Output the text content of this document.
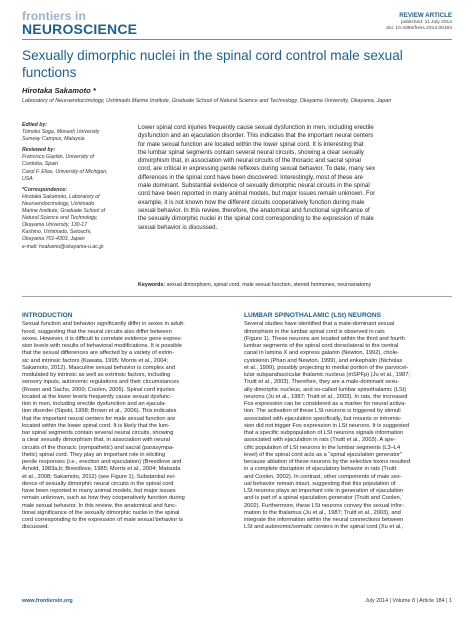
frontiers in
NEUROSCIENCE
REVIEW ARTICLE
published: 11 July 2014
doi: 10.3389/fnins.2014.00184
Sexually dimorphic nuclei in the spinal cord control male sexual functions
Hirotaka Sakamoto *
Laboratory of Neuroendocrinology, Ushimado Marine Institute, Graduate School of Natural Science and Technology, Okayama University, Okayama, Japan
Edited by:
Tomoko Soga, Monash University
Sunway Campus, Malaysia
Reviewed by:
Francisco Gaytán, University of
Cordoba, Spain
Carol F. Elias, University of Michigan,
USA
*Correspondence:
Hirotaka Sakamoto, Laboratory of
Neuroendocrinology, Ushimado
Marine Institute, Graduate School of
Natural Science and Technology,
Okayama University, 130-17
Kashino, Ushimado, Setouchi,
Okayama 701-4303, Japan
e-mail: hsakamo@okayama-u.ac.jp
Lower spinal cord injuries frequently cause sexual dysfunction in men, including erectile
dysfunction and an ejaculation disorder. This indicates that the important neural centers
for male sexual function are located within the lower spinal cord. It is interesting that
the lumbar spinal segments contain several neural circuits, showing a clear sexually
dimorphism that, in association with neural circuits of the thoracic and sacral spinal
cord, are critical in expressing penile reflexes during sexual behavior. To date, many sex
differences in the spinal cord have been discovered. Interestingly, most of these are
male dominant. Substantial evidence of sexually dimorphic neural circuits in the spinal
cord have been reported in many animal models, but major issues remain unknown. For
example, it is not known how the different circuits cooperatively function during male
sexual behavior. In this review, therefore, the anatomical and functional significance of
the sexually dimorphic nuclei in the spinal cord corresponding to the expression of male
sexual behavior is discussed.
Keywords: sexual dimorphism, spinal cord, male sexual function, steroid hormones, neuroanatomy
INTRODUCTION
Sexual function and behavior significantly differ in sexes in adult-
hood, suggesting that the neural circuits also differ between
sexes. However, it is difficult to correlate evidence gene expres-
sion levels with results of behavioral modifications. It is possible
that the sexual differences are affected by a variety of extrin-
sic and intrinsic factors (Kawata, 1995; Morris et al., 2004;
Sakamoto, 2012). Masculine sexual behavior is complex and
modulated by intrinsic as well as extrinsic factors, including
sensory inputs, autonomic regulations and their circumstances
(Rosen and Sachs, 2000; Coolen, 2005). Spinal cord injuries
located at the lower levels frequently cause sexual dysfunc-
tion in men, including erectile dysfunction and an ejacula-
tion disorder (Sipski, 1998; Brown et al., 2006). This indicates
that the important neural centers for male sexual function are
located within the lower spinal cord. It is likely that the lum-
bar spinal segments contain several neural circuits, showing
a clear sexually dimorphism that, in association with neural
circuits of the thoracic (sympathetic) and sacral (parasympa-
thetic) spinal cord. They play an important role in eliciting
penile responses (i.e., erection and ejaculation) (Breedlove and
Arnold, 1983a,b; Breedlove, 1985; Morris et al., 2004; Matsuda
et al., 2008; Sakamoto, 2012) (see Figure 1). Substantial evi-
dence of sexually dimorphic neural circuits in the spinal cord
have been reported in many animal models, but major issues
remain unknown, such as how they cooperatively function during
male sexual behavior. In this review, the anatomical and func-
tional significance of the sexually dimorphic nuclei in the spinal
cord corresponding to the expression of male sexual behavior is
discussed.
LUMBAR SPINOTHALAMIC (LSt) NEURONS
Several studies have identified that a male-dominant sexual
dimorphism in the lumbar spinal cord is observed in rats
(Figure 1). These neurons are located within the third and fourth
lumbar segments of the spinal cord dorsolateral to the central
canal in lamina X and express galanin (Newton, 1992), chole-
cystokinin (Phan and Newton, 1999), and enkephalin (Nicholas
et al., 1999), possibly projecting to medial portion of the parvocel-
lular subparafascicular thalamic nucleus (mSPFp) (Ju et al., 1987;
Truitt et al., 2003). Therefore, they are a male-dominant sexu-
ally dimorphic nucleus, and so-called lumbar spinothalamic (LSt)
neurons (Ju et al., 1987; Truitt et al., 2003). In rats, the increased
Fos expression can be considered as a marker for neural activa-
tion. The activation of these LSt neurons is triggered by stimuli
associated with ejaculation specifically, but mounts or intromis-
sion did not trigger Fos expression in LSt neurons. It is suggested
that a specific subpopulation of LSt neurons signals information
associated with ejaculation in rats (Truitt et al., 2003). A spe-
cific population of LSt neurons in the lumbar segments (L3–L4
level) of the spinal cord acts as a "spinal ejaculation generator"
because ablation of these neurons by the selective toxins resulted
in a complete disruption of ejaculatory behavior in rats (Truitt
and Coolen, 2002). In contrast, other components of male sex-
ual behavior remain intact, suggesting that this population of
LSt neurons plays an important role in generation of ejaculation
and is part of a spinal ejaculation generator (Truitt and Coolen,
2002). Furthermore, these LSt neurons convey the sexual infor-
mation to the thalamus (Ju et al., 1987; Truitt et al., 2003), and
integrate the information within the neural connections between
LSt and autonomic/somatic centers in the spinal cord (Xu et al.,
www.frontiersin.org	July 2014 | Volume 8 | Article 184 | 1
